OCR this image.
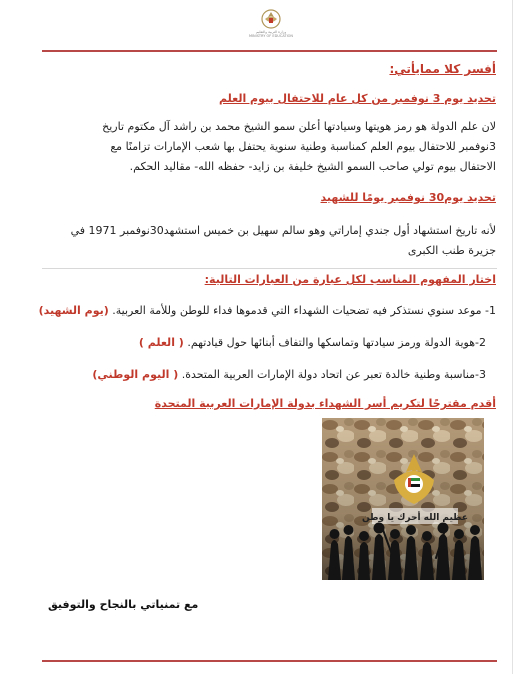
وزارة التربية والتعليم
MINISTRY OF EDUCATION
أفسر كلا ممايأتي:
تحديد يوم 3 نوفمبر من كل عام للاحتفال بيوم العلم
لان علم الدولة هو رمز هويتها وسيادتها أعلن سمو الشيخ محمد بن راشد آل مكتوم تاريخ
3نوفمبر للاحتفال بيوم العلم كمناسبة وطنية سنوية يحتفل بها شعب الإمارات تزامنًا مع
الاحتفال بيوم تولي صاحب السمو الشيخ خليفة بن زايد- حفظه الله- مقاليد الحكم.
تحديد يوم30 نوفمبر يومًا للشهيد
لأنه تاريخ استشهاد أول جندي إماراتي وهو سالم سهيل بن خميس استشهد30نوفمبر 1971 في
جزيرة طنب الكبرى
اختار المفهوم المناسب لكل عبارة من العبارات التالية:
1- موعد سنوي نستذكر فيه تضحيات الشهداء التي قدموها فداء للوطن وللأمة العربية. (يوم الشهيد)
2-هوية الدولة ورمز سيادتها وتماسكها والتفاف أبنائها حول قيادتهم. ( العلم )
3-مناسبة وطنية خالدة تعبر عن اتحاد دولة الإمارات العربية المتحدة. ( اليوم الوطني)
أقدم مقترحًا لتكريم أسر الشهداء بدولة الإمارات العربية المتحدة
عظيم الله أحرك يا وطن
مع تمنياتي بالنجاح والتوفيق
